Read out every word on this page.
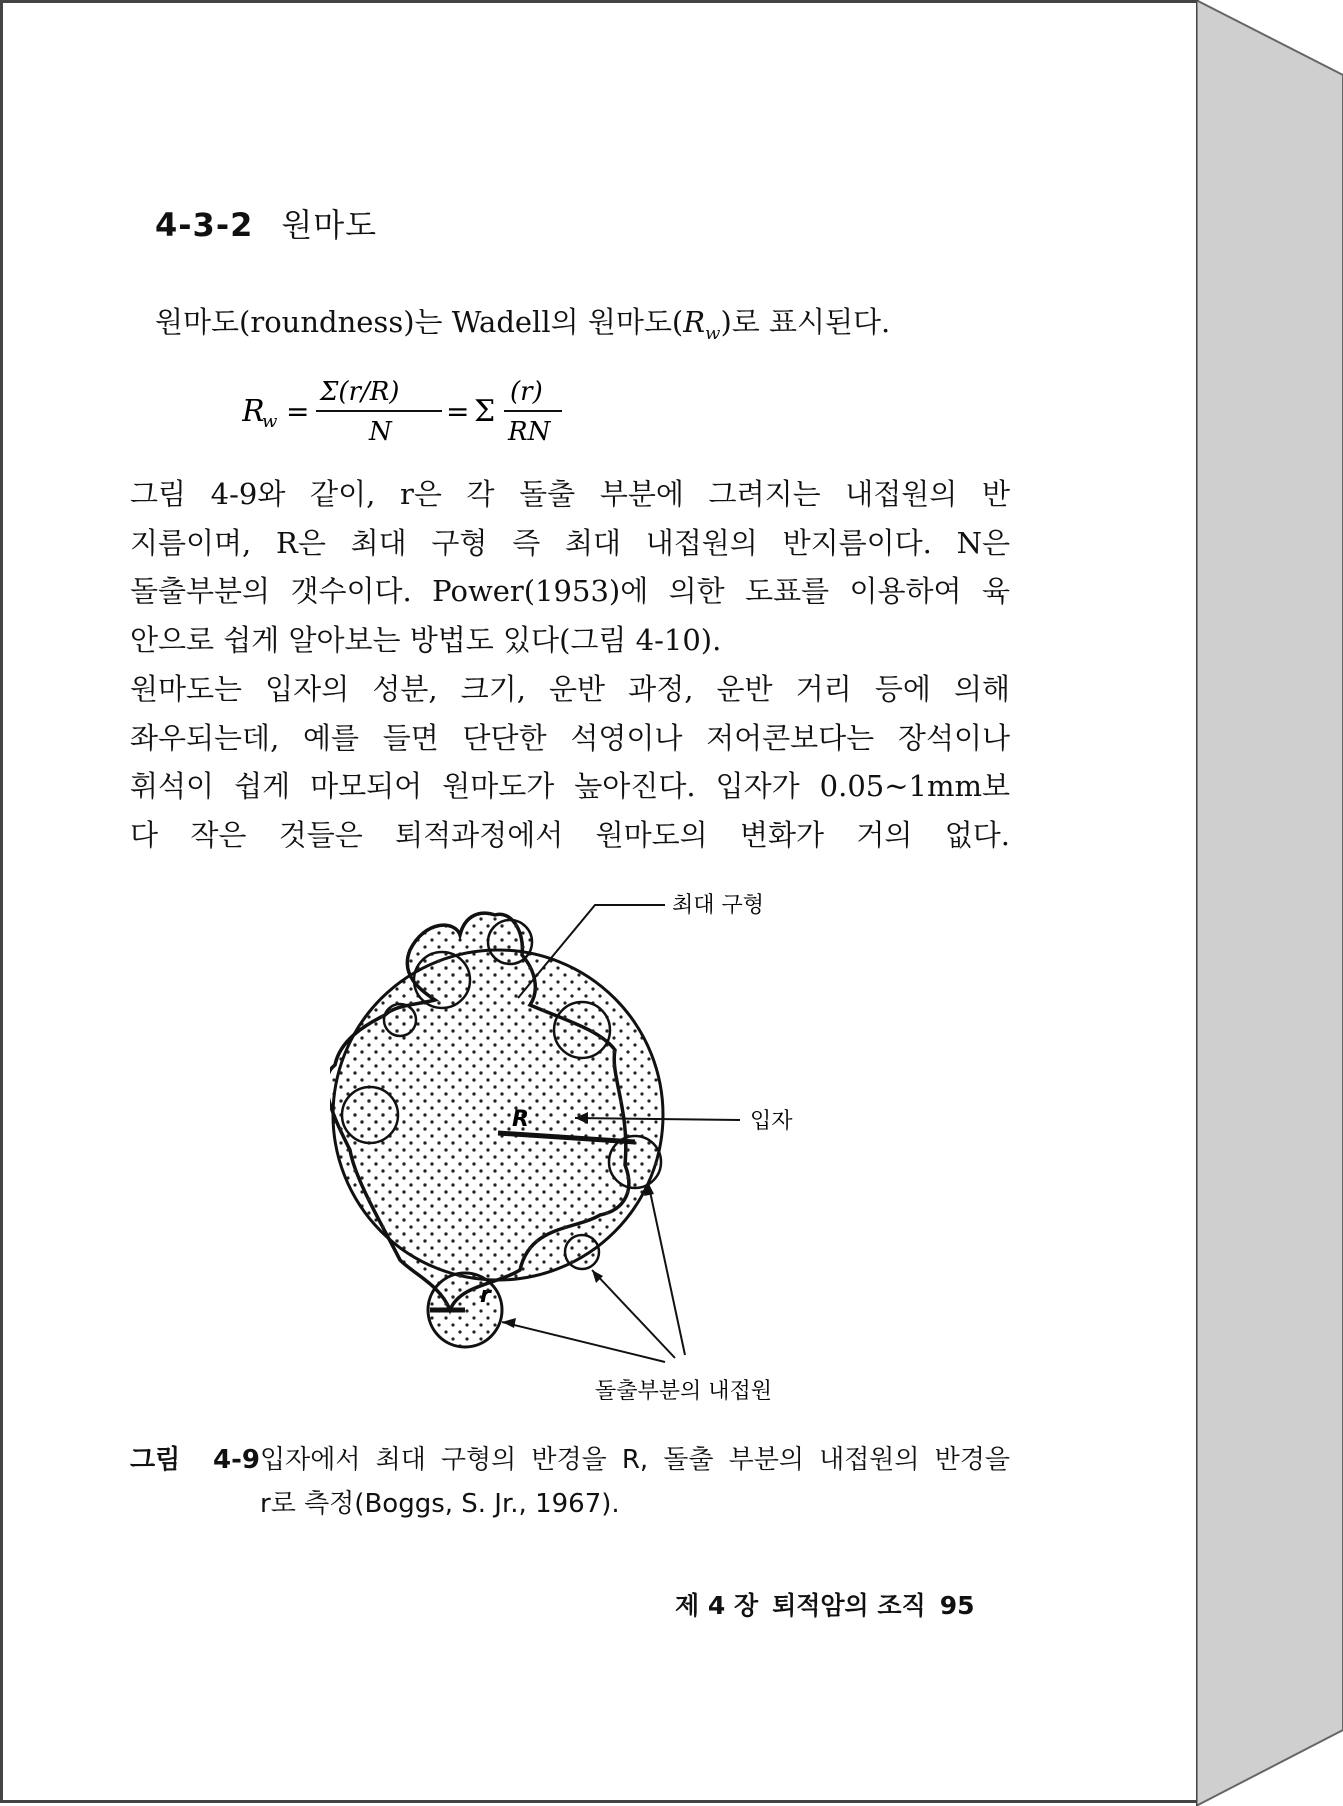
4-3-2 원마도
원마도(roundness)는 Wadell의 원마도$(R_w)$로 표시된다.
R
w =
Σ(r/R)
N
= Σ
(r)
RN
그림 4-9와 같이, r은 각 돌출 부분에 그려지는 내접원의 반
지름이며, R은 최대 구형 즉 최대 내접원의 반지름이다. N은
돌출부분의 갯수이다. Power(1953)에 의한 도표를 이용하여 육
안으로 쉽게 알아보는 방법도 있다(그림 4-10).
원마도는 입자의 성분, 크기, 운반 과정, 운반 거리 등에 의해
좌우되는데, 예를 들면 단단한 석영이나 저어콘보다는 장석이나
휘석이 쉽게 마모되어 원마도가 높아진다. 입자가 0.05~1mm보
다 작은 것들은 퇴적과정에서 원마도의 변화가 거의 없다.
R
r
최대 구형
입자
돌출부분의 내접원
그림 4-9입자에서 최대 구형의 반경을 R, 돌출 부분의 내접원의 반경을
r로 측정(Boggs, S. Jr., 1967).
제 4 장 퇴적암의 조직 95
